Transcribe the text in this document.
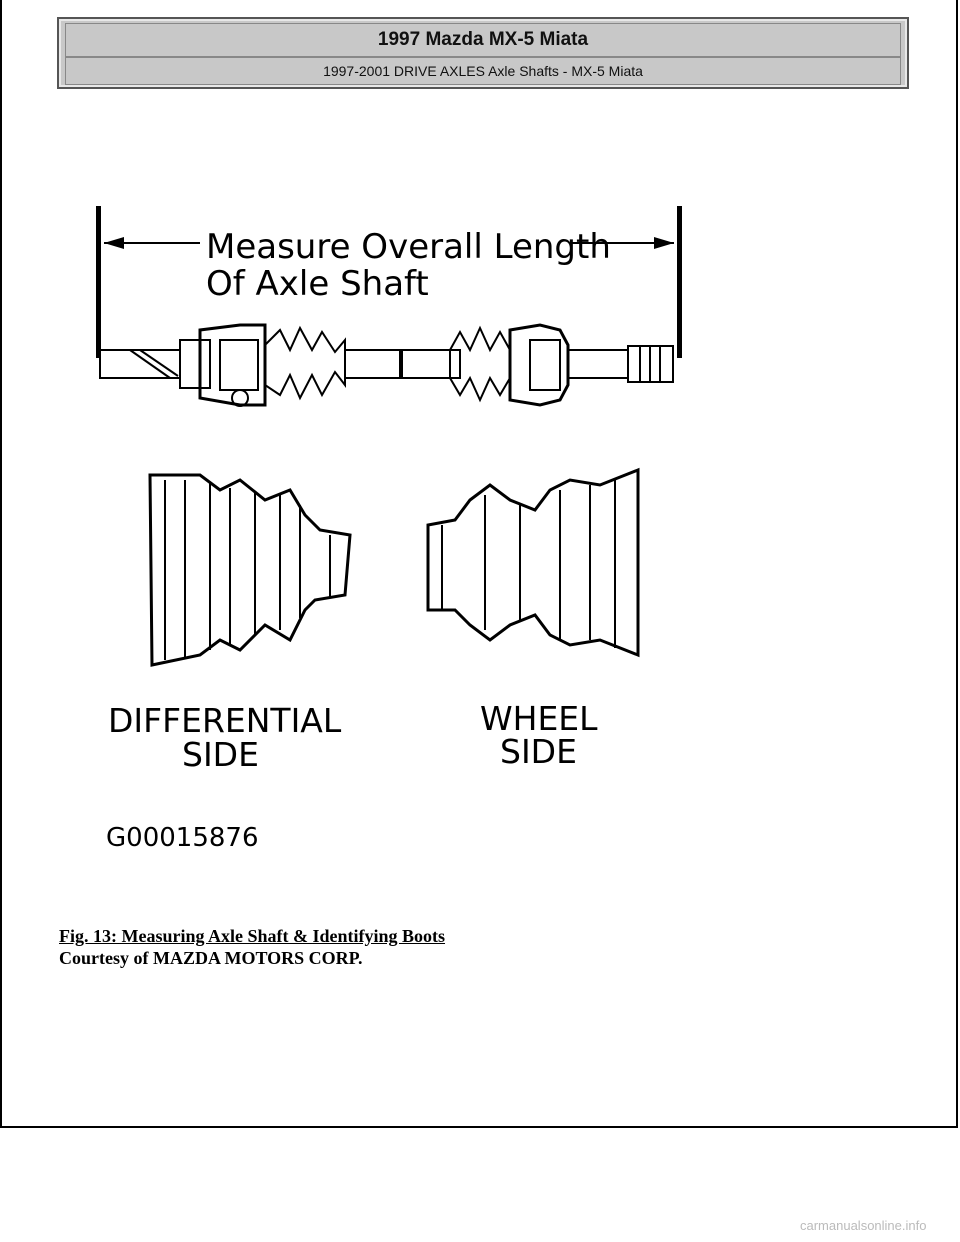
1997 Mazda MX-5 Miata
1997-2001 DRIVE AXLES Axle Shafts - MX-5 Miata
Measure Overall Length
Of Axle Shaft
DIFFERENTIAL
SIDE
WHEEL
SIDE
G00015876
Fig. 13: Measuring Axle Shaft & Identifying Boots
Courtesy of MAZDA MOTORS CORP.
carmanualsonline.info
